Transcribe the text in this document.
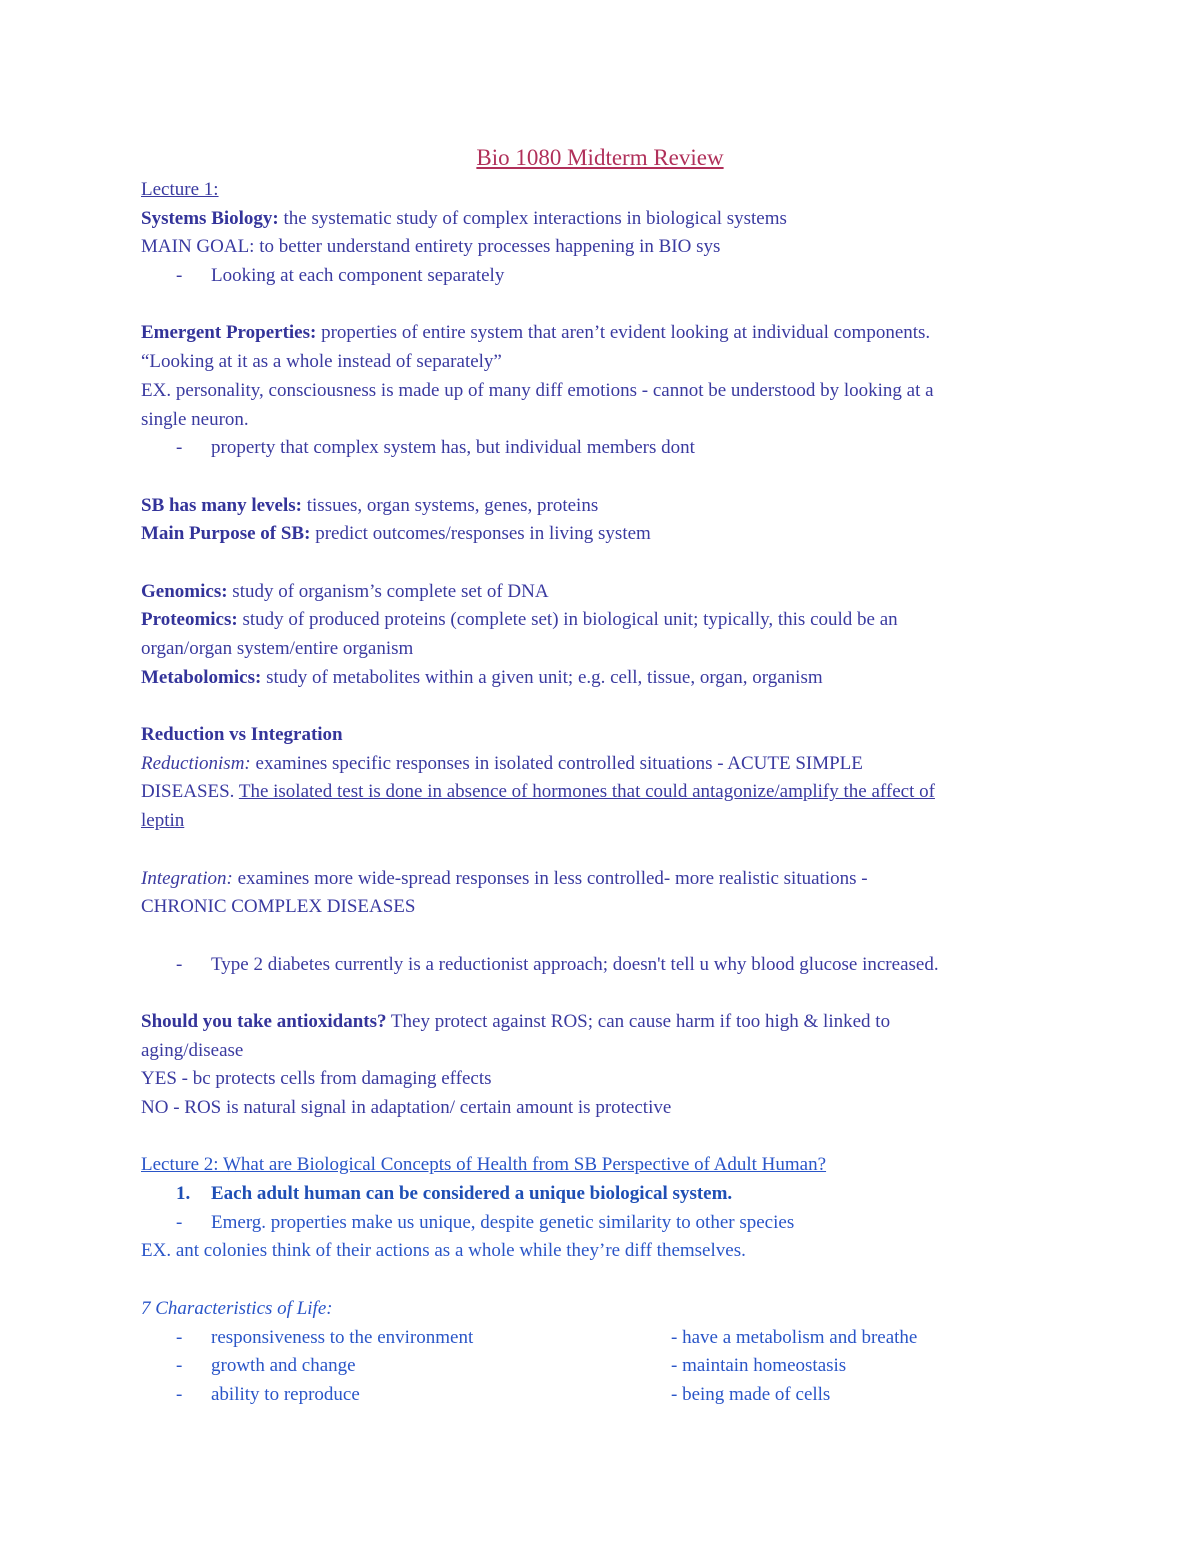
Bio 1080 Midterm Review
Lecture 1:
Systems Biology: the systematic study of complex interactions in biological systems
MAIN GOAL: to better understand entirety processes happening in BIO sys
- Looking at each component separately
Emergent Properties: properties of entire system that aren’t evident looking at individual components.
“Looking at it as a whole instead of separately”
EX. personality, consciousness is made up of many diff emotions - cannot be understood by looking at a
single neuron.
- property that complex system has, but individual members dont
SB has many levels: tissues, organ systems, genes, proteins
Main Purpose of SB: predict outcomes/responses in living system
Genomics: study of organism’s complete set of DNA
Proteomics: study of produced proteins (complete set) in biological unit; typically, this could be an
organ/organ system/entire organism
Metabolomics: study of metabolites within a given unit; e.g. cell, tissue, organ, organism
Reduction vs Integration
Reductionism: examines specific responses in isolated controlled situations - ACUTE SIMPLE
DISEASES. The isolated test is done in absence of hormones that could antagonize/amplify the affect of
leptin
Integration: examines more wide-spread responses in less controlled- more realistic situations -
CHRONIC COMPLEX DISEASES
- Type 2 diabetes currently is a reductionist approach; doesn't tell u why blood glucose increased.
Should you take antioxidants? They protect against ROS; can cause harm if too high & linked to
aging/disease
YES - bc protects cells from damaging effects
NO - ROS is natural signal in adaptation/ certain amount is protective
Lecture 2: What are Biological Concepts of Health from SB Perspective of Adult Human?
1. Each adult human can be considered a unique biological system.
- Emerg. properties make us unique, despite genetic similarity to other species
EX. ant colonies think of their actions as a whole while they’re diff themselves.
7 Characteristics of Life:
- responsiveness to the environment	- have a metabolism and breathe
- growth and change	- maintain homeostasis
- ability to reproduce	- being made of cells
